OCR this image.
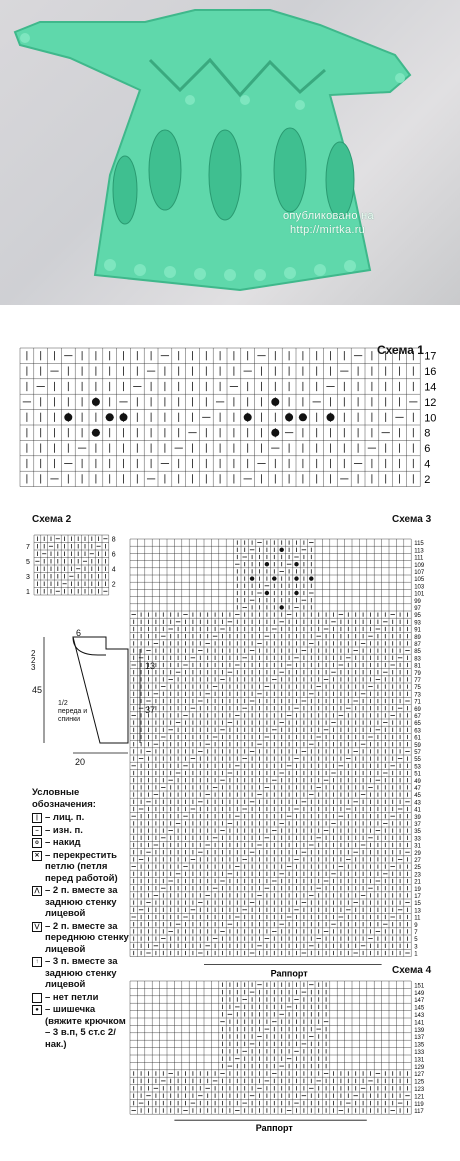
опубликовано на
http://mirtka.ru
Схема 1 17
16
14
12
10
8
6
4
2
Схема 2	Схема 3
8
6
4
2
7
5
3
1
115
113
111
109
107
105
103
101
99
97
95
93
91
89
87
85
83
81
79
77
75
73
71
69
67
65
63
61
59
57
55
53
51
49
47
45
43
41
39
37
35
33
31
29
27
25
23
21
19
17
15
13
11
9
7
5
3
1
Раппорт
6
2
2
3
45
13
37
20
1/2 переда и спинки
Схема 4
151
149
147
145
143
141
139
137
135
133
131
129
127
125
123
121
119
117
Раппорт
Условные обозначения:
| – лиц. п.
– – изн. п.
o – накид
✕ – перекрестить петлю (петля перед работой)
⋀ – 2 п. вместе за заднюю стенку лицевой
⋁ – 2 п. вместе за переднюю стенку лицевой
↑ – 3 п. вместе за заднюю стенку лицевой
– нет петли
● – шишечка (вяжите крючком – 3 в.п, 5 ст.с 2/нак.)
